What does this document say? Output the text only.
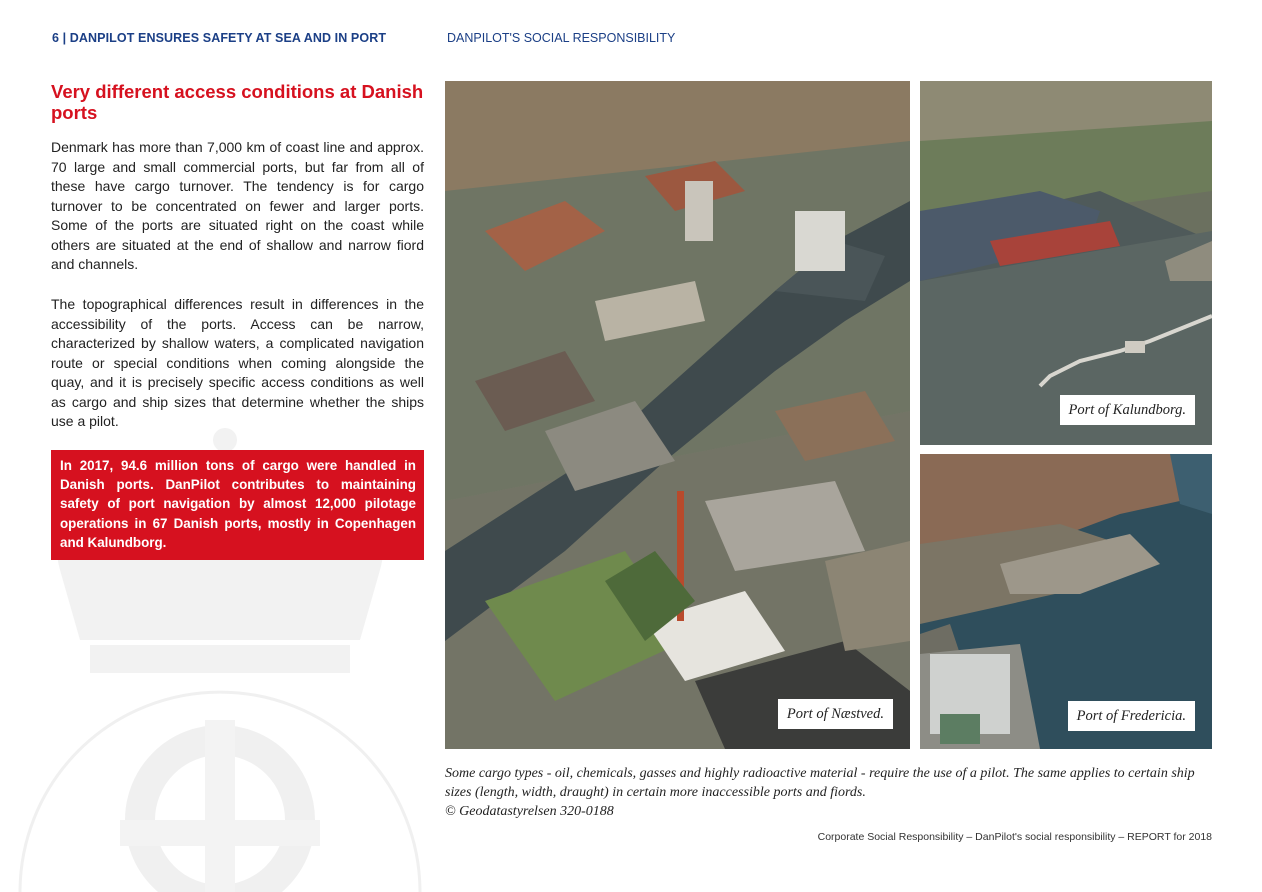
6 | DANPILOT ENSURES SAFETY AT SEA AND IN PORT	DANPILOT'S SOCIAL RESPONSIBILITY
Very different access conditions at Danish ports

Denmark has more than 7,000 km of coast line and approx. 70 large and small commercial ports, but far from all of these have cargo turnover. The tendency is for cargo turnover to be concentrated on fewer and larger ports. Some of the ports are situated right on the coast while others are situated at the end of shallow and narrow fiord and channels.

The topographical differences result in differences in the accessibility of the ports. Access can be narrow, characterized by shallow waters, a complicated navigation route or special conditions when coming alongside the quay, and it is precisely specific access conditions as well as cargo and ship sizes that determine whether the ships use a pilot.

In 2017, 94.6 million tons of cargo were handled in Danish ports. DanPilot contributes to maintaining safety of port navigation by almost 12,000 pilotage operations in 67 Danish ports, mostly in Copenhagen and Kalundborg.
Port of Næstved.
Port of Kalundborg.
Port of Fredericia.
Some cargo types - oil, chemicals, gasses and highly radioactive material - require the use of a pilot. The same applies to certain ship sizes (length, width, draught) in certain more inaccessible ports and fiords.
© Geodatastyrelsen 320-0188
Corporate Social Responsibility – DanPilot's social responsibility – REPORT for 2018
